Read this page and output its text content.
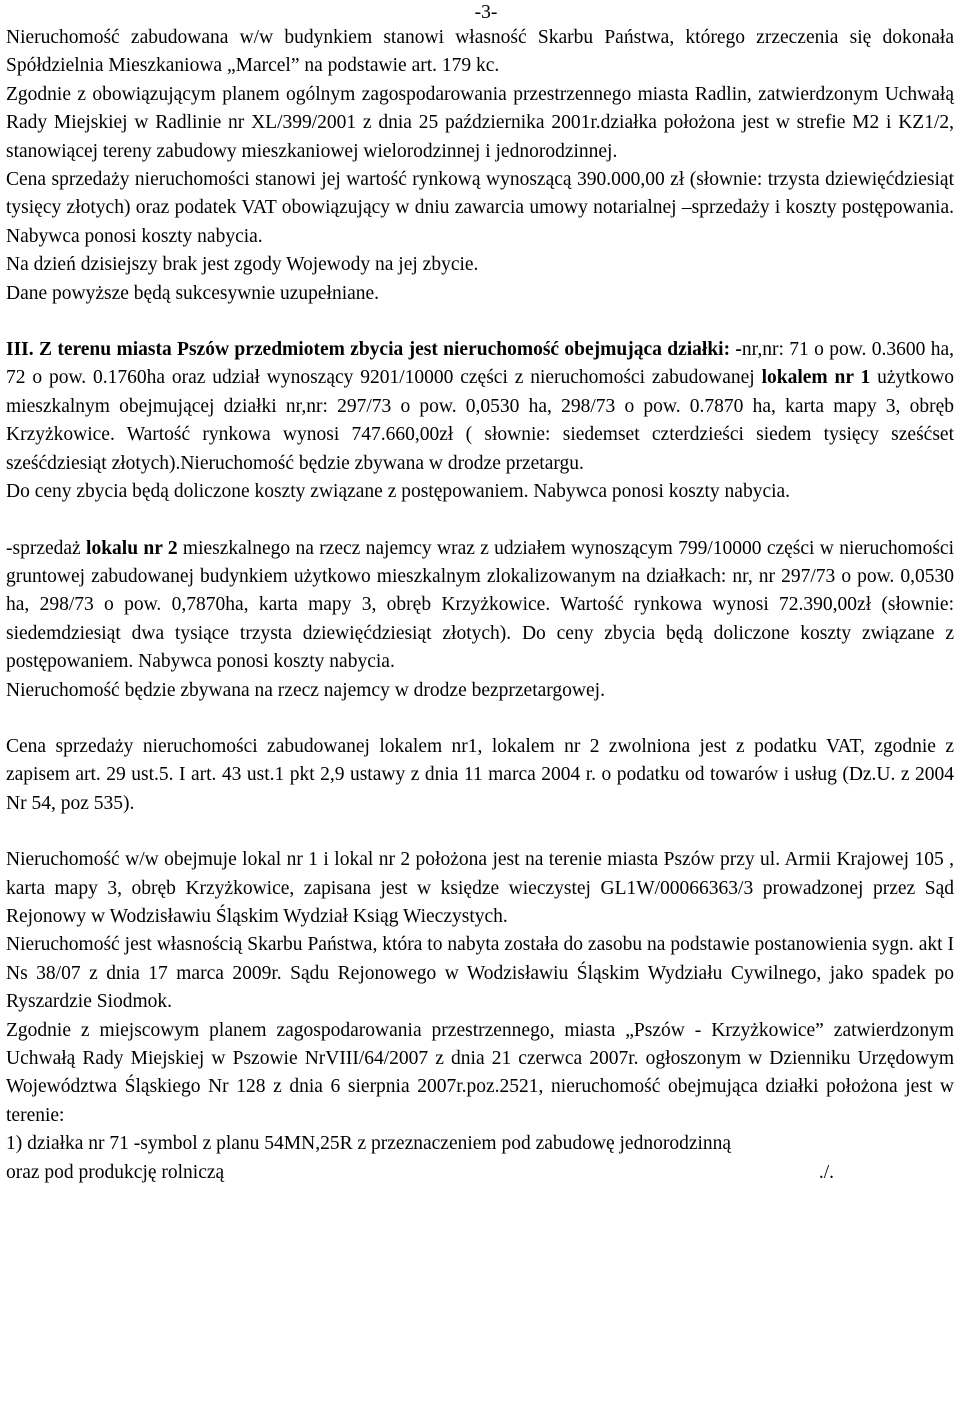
-3-

Nieruchomość zabudowana w/w budynkiem stanowi własność Skarbu Państwa, którego zrzeczenia się dokonała Spółdzielnia Mieszkaniowa „Marcel” na podstawie art. 179 kc.

Zgodnie z obowiązującym planem ogólnym zagospodarowania przestrzennego miasta Radlin, zatwierdzonym Uchwałą Rady Miejskiej w Radlinie nr XL/399/2001 z dnia 25 października 2001r.działka położona jest w strefie M2 i KZ1/2, stanowiącej tereny zabudowy mieszkaniowej wielorodzinnej i jednorodzinnej.

Cena sprzedaży nieruchomości stanowi jej wartość rynkową wynoszącą 390.000,00 zł (słownie: trzysta dziewięćdziesiąt tysięcy złotych) oraz podatek VAT obowiązujący w dniu zawarcia umowy notarialnej –sprzedaży i koszty postępowania. Nabywca ponosi koszty nabycia.

Na dzień dzisiejszy brak jest zgody Wojewody na jej zbycie.

Dane powyższe będą sukcesywnie uzupełniane.

III. Z terenu miasta Pszów przedmiotem zbycia jest nieruchomość obejmująca działki: -nr,nr: 71 o pow. 0.3600 ha, 72 o pow. 0.1760ha oraz udział wynoszący 9201/10000 części z nieruchomości zabudowanej lokalem nr 1 użytkowo mieszkalnym obejmującej działki nr,nr: 297/73 o pow. 0,0530 ha, 298/73 o pow. 0.7870 ha, karta mapy 3, obręb Krzyżkowice. Wartość rynkowa wynosi 747.660,00zł ( słownie: siedemset czterdzieści siedem tysięcy sześćset sześćdziesiąt złotych).Nieruchomość będzie zbywana w drodze przetargu.

Do ceny zbycia będą doliczone koszty związane z postępowaniem. Nabywca ponosi koszty nabycia.

-sprzedaż lokalu nr 2 mieszkalnego na rzecz najemcy wraz z udziałem wynoszącym 799/10000 części w nieruchomości gruntowej zabudowanej budynkiem użytkowo mieszkalnym zlokalizowanym na działkach: nr, nr 297/73 o pow. 0,0530 ha, 298/73 o pow. 0,7870ha, karta mapy 3, obręb Krzyżkowice. Wartość rynkowa wynosi 72.390,00zł (słownie: siedemdziesiąt dwa tysiące trzysta dziewięćdziesiąt złotych). Do ceny zbycia będą doliczone koszty związane z postępowaniem. Nabywca ponosi koszty nabycia.

Nieruchomość będzie zbywana na rzecz najemcy w drodze bezprzetargowej.

Cena sprzedaży nieruchomości zabudowanej lokalem nr1, lokalem nr 2 zwolniona jest z podatku VAT, zgodnie z zapisem art. 29 ust.5. I art. 43 ust.1 pkt 2,9 ustawy z dnia 11 marca 2004 r. o podatku od towarów i usług (Dz.U. z 2004 Nr 54, poz 535).

Nieruchomość w/w obejmuje lokal nr 1 i lokal nr 2 położona jest na terenie miasta Pszów przy ul. Armii Krajowej 105 , karta mapy 3, obręb Krzyżkowice, zapisana jest w księdze wieczystej GL1W/00066363/3 prowadzonej przez Sąd Rejonowy w Wodzisławiu Śląskim Wydział Ksiąg Wieczystych.

Nieruchomość jest własnością Skarbu Państwa, która to nabyta została do zasobu na podstawie postanowienia sygn. akt I Ns 38/07 z dnia 17 marca 2009r. Sądu Rejonowego w Wodzisławiu Śląskim Wydziału Cywilnego, jako spadek po Ryszardzie Siodmok.

Zgodnie z miejscowym planem zagospodarowania przestrzennego, miasta „Pszów - Krzyżkowice” zatwierdzonym Uchwałą Rady Miejskiej w Pszowie NrVIII/64/2007 z dnia 21 czerwca 2007r. ogłoszonym w Dzienniku Urzędowym Województwa Śląskiego Nr 128 z dnia 6 sierpnia 2007r.poz.2521, nieruchomość obejmująca działki położona jest w terenie:

1) działka nr 71 -symbol z planu 54MN,25R z przeznaczeniem pod zabudowę jednorodzinną

oraz pod produkcję rolniczą	./.
